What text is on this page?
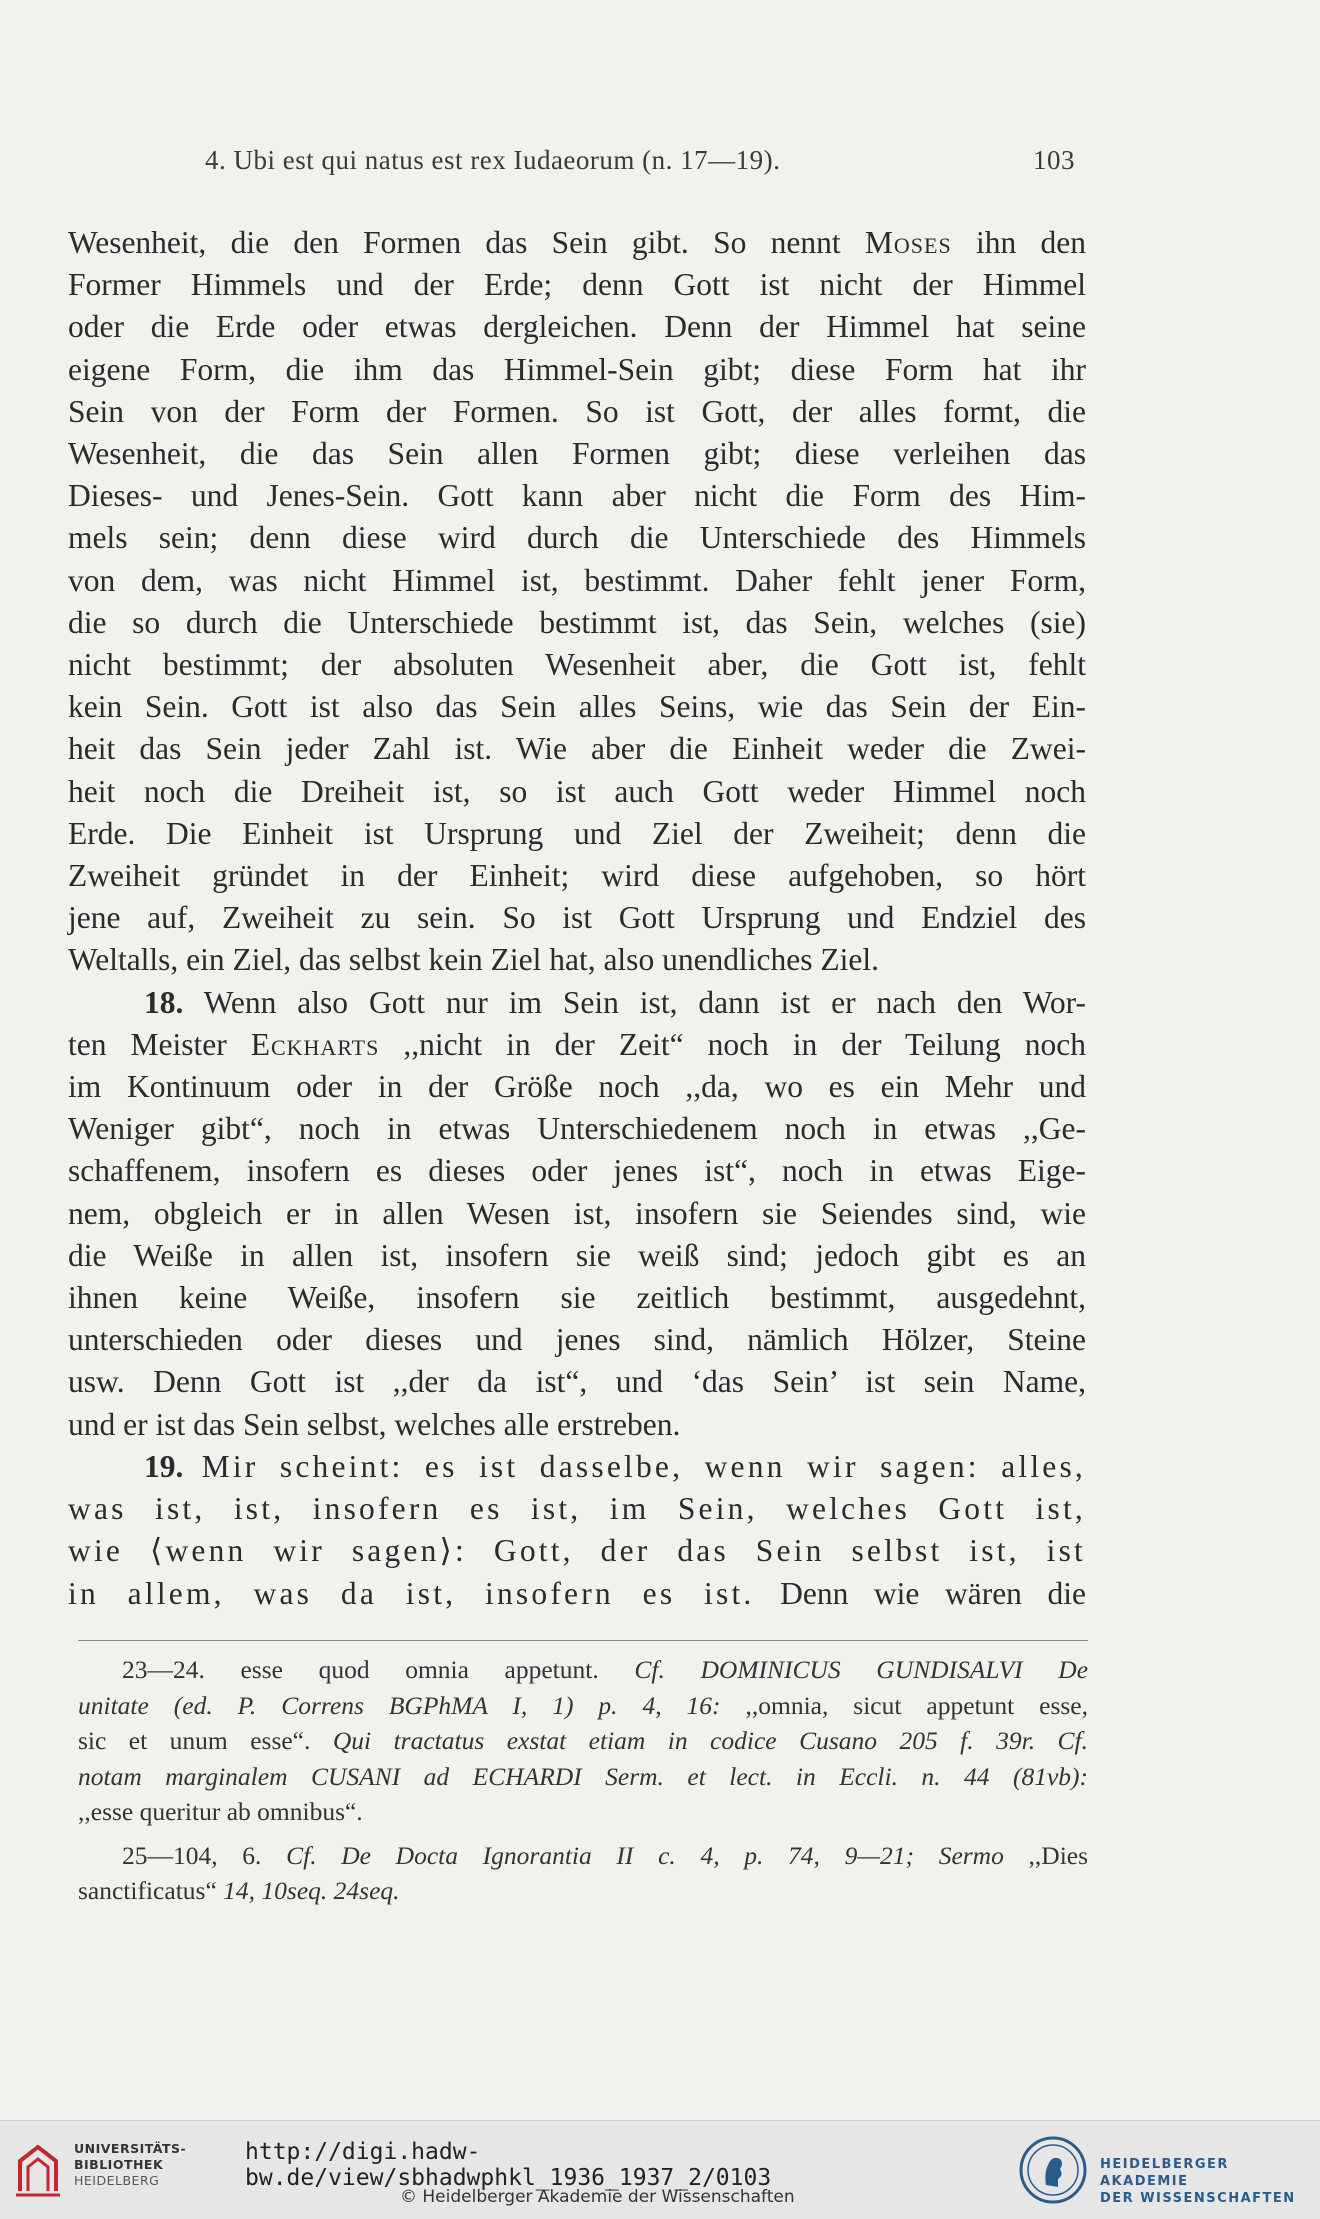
4. Ubi est qui natus est rex Iudaeorum (n. 17—19).	103
Wesenheit, die den Formen das Sein gibt. So nennt Moses ihn den
Former Himmels und der Erde; denn Gott ist nicht der Himmel
oder die Erde oder etwas dergleichen. Denn der Himmel hat seine
eigene Form, die ihm das Himmel-Sein gibt; diese Form hat ihr
Sein von der Form der Formen. So ist Gott, der alles formt, die
Wesenheit, die das Sein allen Formen gibt; diese verleihen das
Dieses- und Jenes-Sein. Gott kann aber nicht die Form des Him-
mels sein; denn diese wird durch die Unterschiede des Himmels
von dem, was nicht Himmel ist, bestimmt. Daher fehlt jener Form,
die so durch die Unterschiede bestimmt ist, das Sein, welches (sie)
nicht bestimmt; der absoluten Wesenheit aber, die Gott ist, fehlt
kein Sein. Gott ist also das Sein alles Seins, wie das Sein der Ein-
heit das Sein jeder Zahl ist. Wie aber die Einheit weder die Zwei-
heit noch die Dreiheit ist, so ist auch Gott weder Himmel noch
Erde. Die Einheit ist Ursprung und Ziel der Zweiheit; denn die
Zweiheit gründet in der Einheit; wird diese aufgehoben, so hört
jene auf, Zweiheit zu sein. So ist Gott Ursprung und Endziel des
Weltalls, ein Ziel, das selbst kein Ziel hat, also unendliches Ziel.
18. Wenn also Gott nur im Sein ist, dann ist er nach den Wor-
ten Meister Eckharts ,,nicht in der Zeit“ noch in der Teilung noch
im Kontinuum oder in der Größe noch ,,da, wo es ein Mehr und
Weniger gibt“, noch in etwas Unterschiedenem noch in etwas ,,Ge-
schaffenem, insofern es dieses oder jenes ist“, noch in etwas Eige-
nem, obgleich er in allen Wesen ist, insofern sie Seiendes sind, wie
die Weiße in allen ist, insofern sie weiß sind; jedoch gibt es an
ihnen keine Weiße, insofern sie zeitlich bestimmt, ausgedehnt,
unterschieden oder dieses und jenes sind, nämlich Hölzer, Steine
usw. Denn Gott ist ,,der da ist“, und ‘das Sein’ ist sein Name,
und er ist das Sein selbst, welches alle erstreben.
19. Mir scheint: es ist dasselbe, wenn wir sagen: alles,
was ist, ist, insofern es ist, im Sein, welches Gott ist,
wie ⟨wenn wir sagen⟩: Gott, der das Sein selbst ist, ist
in allem, was da ist, insofern es ist. Denn wie wären die
23—24. esse quod omnia appetunt. Cf. DOMINICUS GUNDISALVI De
unitate (ed. P. Correns BGPhMA I, 1) p. 4, 16: ,,omnia, sicut appetunt esse,
sic et unum esse“. Qui tractatus exstat etiam in codice Cusano 205 f. 39r. Cf.
notam marginalem CUSANI ad ECHARDI Serm. et lect. in Eccli. n. 44 (81vb):
,,esse queritur ab omnibus“.
25—104, 6. Cf. De Docta Ignorantia II c. 4, p. 74, 9—21; Sermo ,,Dies
sanctificatus“ 14, 10seq. 24seq.
UNIVERSITÄTS-
BIBLIOTHEK
HEIDELBERG
http://digi.hadw-bw.de/view/sbhadwphkl_1936_1937_2/0103
© Heidelberger Akademie der Wissenschaften
HEIDELBERGER AKADEMIE
DER WISSENSCHAFTEN
